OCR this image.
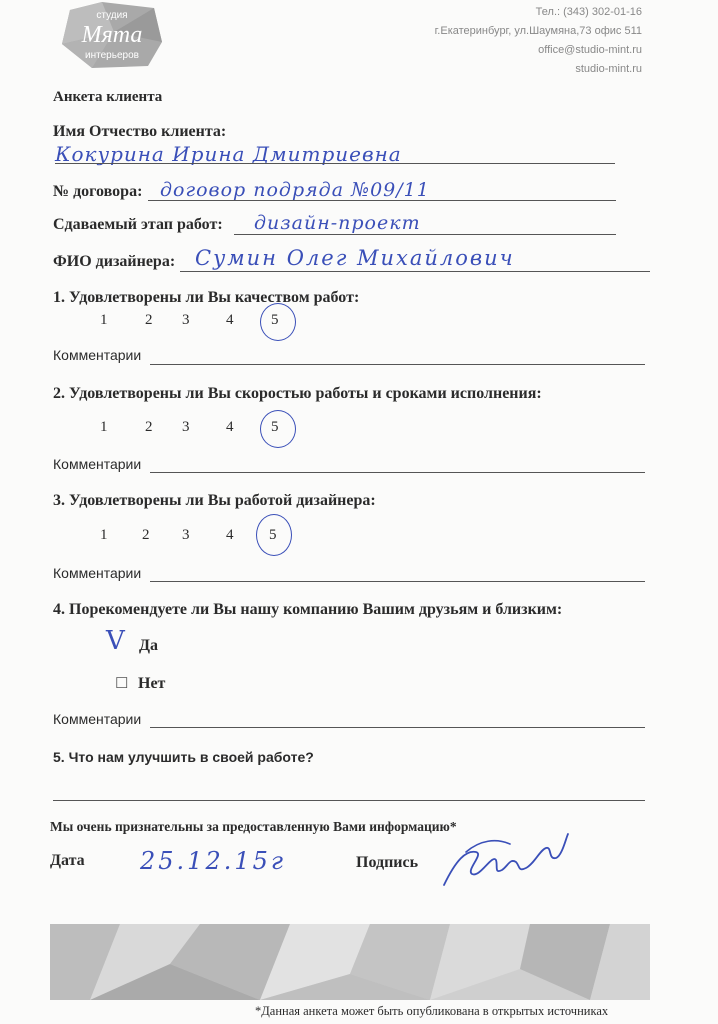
студия
Мята
интерьеров
Тел.: (343) 302-01-16
г.Екатеринбург, ул.Шаумяна,73 офис 511
office@studio-mint.ru
studio-mint.ru
Анкета клиента
Имя Отчество клиента:
Кокурина Ирина Дмитриевна
№ договора: договор подряда №09/11
Сдаваемый этап работ: дизайн-проект
ФИО дизайнера: Сумин Олег Михайлович
1. Удовлетворены ли Вы качеством работ:
1	2 3 4	5
Комментарии
2. Удовлетворены ли Вы скоростью работы и сроками исполнения:
1	2 3 4	5
Комментарии
3. Удовлетворены ли Вы работой дизайнера:
1 2 3 4 5
Комментарии
4. Порекомендуете ли Вы нашу компанию Вашим друзьям и близким:
V Да
☐ Нет
Комментарии
5. Что нам улучшить в своей работе?
Мы очень признательны за предоставленную Вами информацию*
Дата 25.12.15г	Подпись
*Данная анкета может быть опубликована в открытых источниках
